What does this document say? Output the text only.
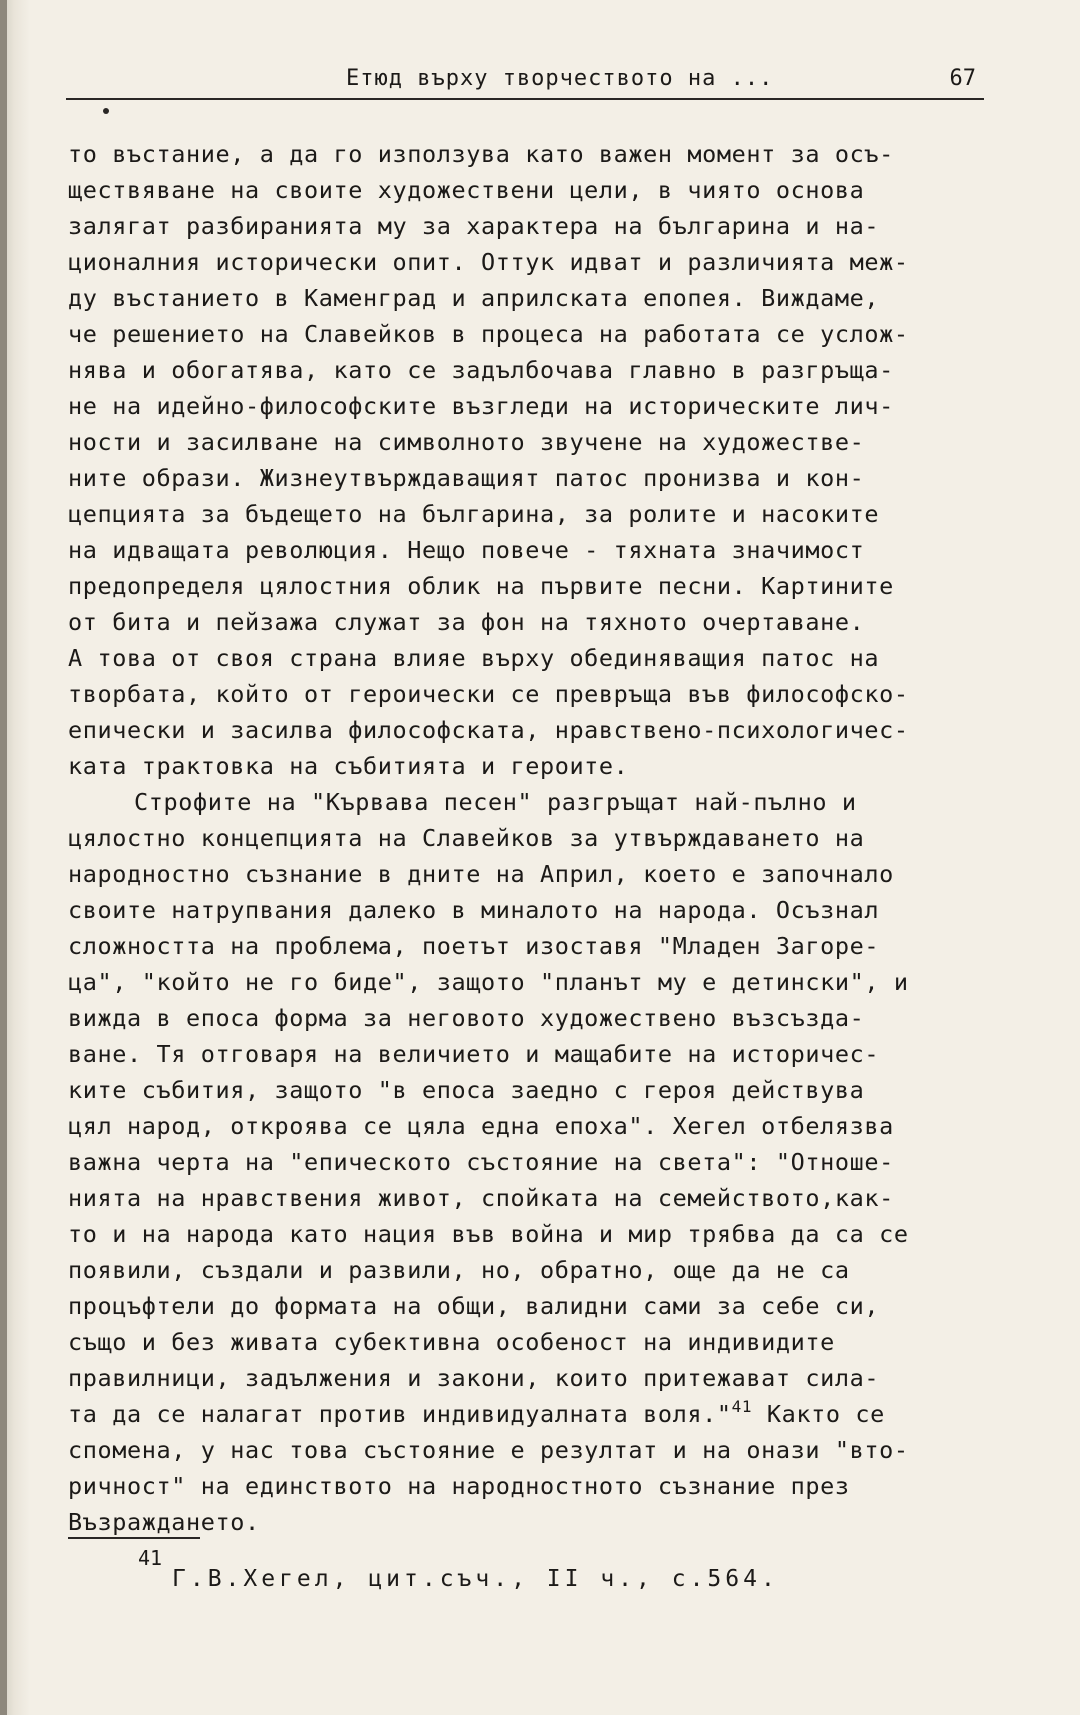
Етюд върху творчеството на ...	67
то въстание, а да го използува като важен момент за осъ-
ществяване на своите художествени цели, в чиято основа
залягат разбиранията му за характера на българина и на-
ционалния исторически опит. Оттук идват и различията меж-
ду въстанието в Каменград и априлската епопея. Виждаме,
че решението на Славейков в процеса на работата се услож-
нява и обогатява, като се задълбочава главно в разгръща-
не на идейно-философските възгледи на историческите лич-
ности и засилване на символното звучене на художестве-
ните образи. Жизнеутвърждаващият патос пронизва и кон-
цепцията за бъдещето на българина, за ролите и насоките
на идващата революция. Нещо повече - тяхната значимост
предопределя цялостния облик на първите песни. Картините
от бита и пейзажа служат за фон на тяхното очертаване.
А това от своя страна влияе върху обединяващия патос на
творбата, който от героически се превръща във философско-
епически и засилва философската, нравствено-психологичес-
ката трактовка на събитията и героите.
Строфите на "Кървава песен" разгръщат най-пълно и
цялостно концепцията на Славейков за утвърждаването на
народностно съзнание в дните на Април, което е започнало
своите натрупвания далеко в миналото на народа. Осъзнал
сложността на проблема, поетът изоставя "Младен Загоре-
ца", "който не го биде", защото "планът му е детински", и
вижда в епоса форма за неговото художествено възсъзда-
ване. Тя отговаря на величието и мащабите на историчес-
ките събития, защото "в епоса заедно с героя действува
цял народ, откроява се цяла една епоха". Хегел отбелязва
важна черта на "епическото състояние на света": "Отноше-
нията на нравствения живот, спойката на семейството,как-
то и на народа като нация във война и мир трябва да са се
появили, създали и развили, но, обратно, още да не са
процъфтели до формата на общи, валидни сами за себе си,
също и без живата субективна особеност на индивидите
правилници, задължения и закони, които притежават сила-
та да се налагат против индивидуалната воля."$^{41}$ Както се
спомена, у нас това състояние е резултат и на онази "вто-
ричност" на единството на народностното съзнание през
Възраждането.
41
Г.В.Хегел, цит.съч., II ч., с.564.
